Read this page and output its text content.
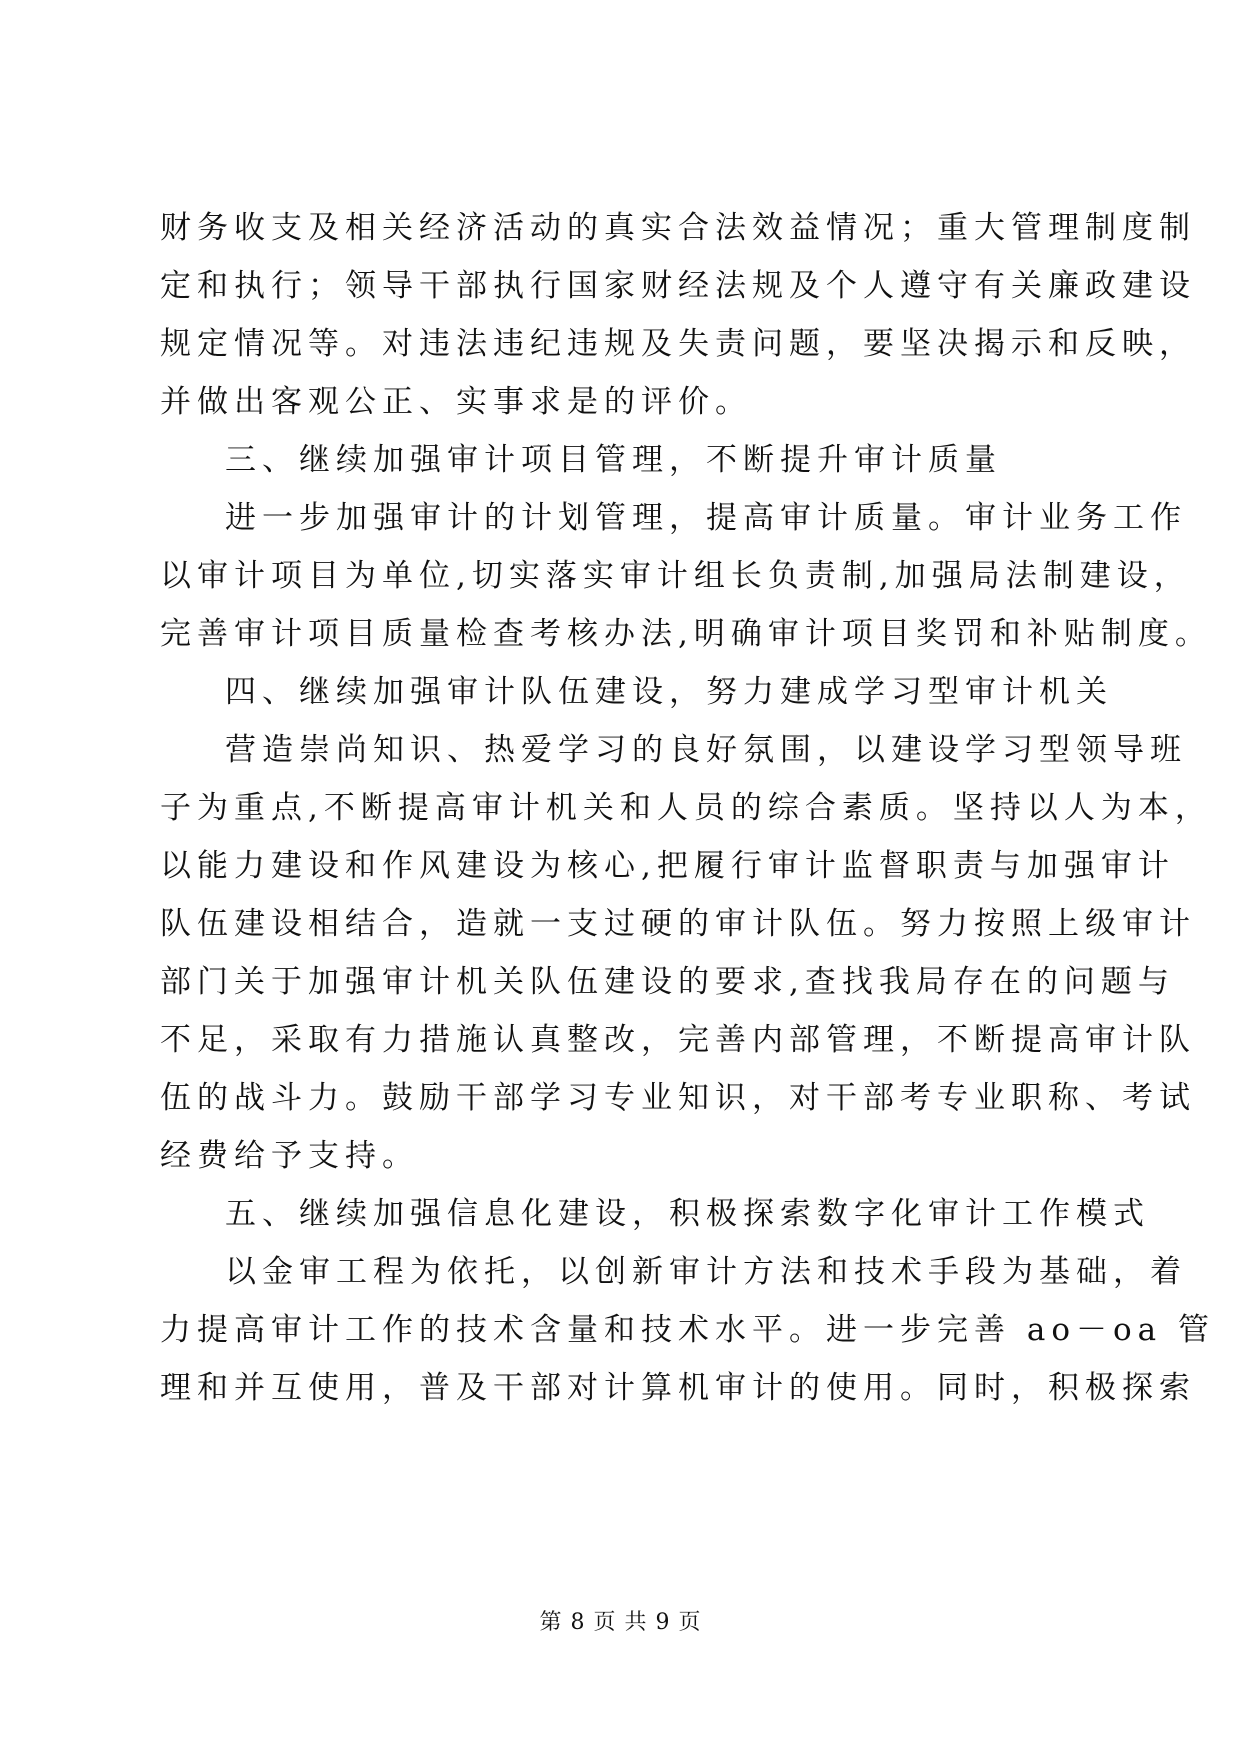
财务收支及相关经济活动的真实合法效益情况；重大管理制度制
定和执行；领导干部执行国家财经法规及个人遵守有关廉政建设
规定情况等。对违法违纪违规及失责问题，要坚决揭示和反映，
并做出客观公正、实事求是的评价。
三、继续加强审计项目管理，不断提升审计质量
进一步加强审计的计划管理，提高审计质量。审计业务工作
以审计项目为单位,切实落实审计组长负责制,加强局法制建设，
完善审计项目质量检查考核办法,明确审计项目奖罚和补贴制度。
四、继续加强审计队伍建设，努力建成学习型审计机关
营造崇尚知识、热爱学习的良好氛围，以建设学习型领导班
子为重点,不断提高审计机关和人员的综合素质。坚持以人为本，
以能力建设和作风建设为核心,把履行审计监督职责与加强审计
队伍建设相结合，造就一支过硬的审计队伍。努力按照上级审计
部门关于加强审计机关队伍建设的要求,查找我局存在的问题与
不足，采取有力措施认真整改，完善内部管理，不断提高审计队
伍的战斗力。鼓励干部学习专业知识，对干部考专业职称、考试
经费给予支持。
五、继续加强信息化建设，积极探索数字化审计工作模式
以金审工程为依托，以创新审计方法和技术手段为基础，着
力提高审计工作的技术含量和技术水平。进一步完善 ao－oa 管
理和并互使用，普及干部对计算机审计的使用。同时，积极探索
第 8 页 共 9 页
